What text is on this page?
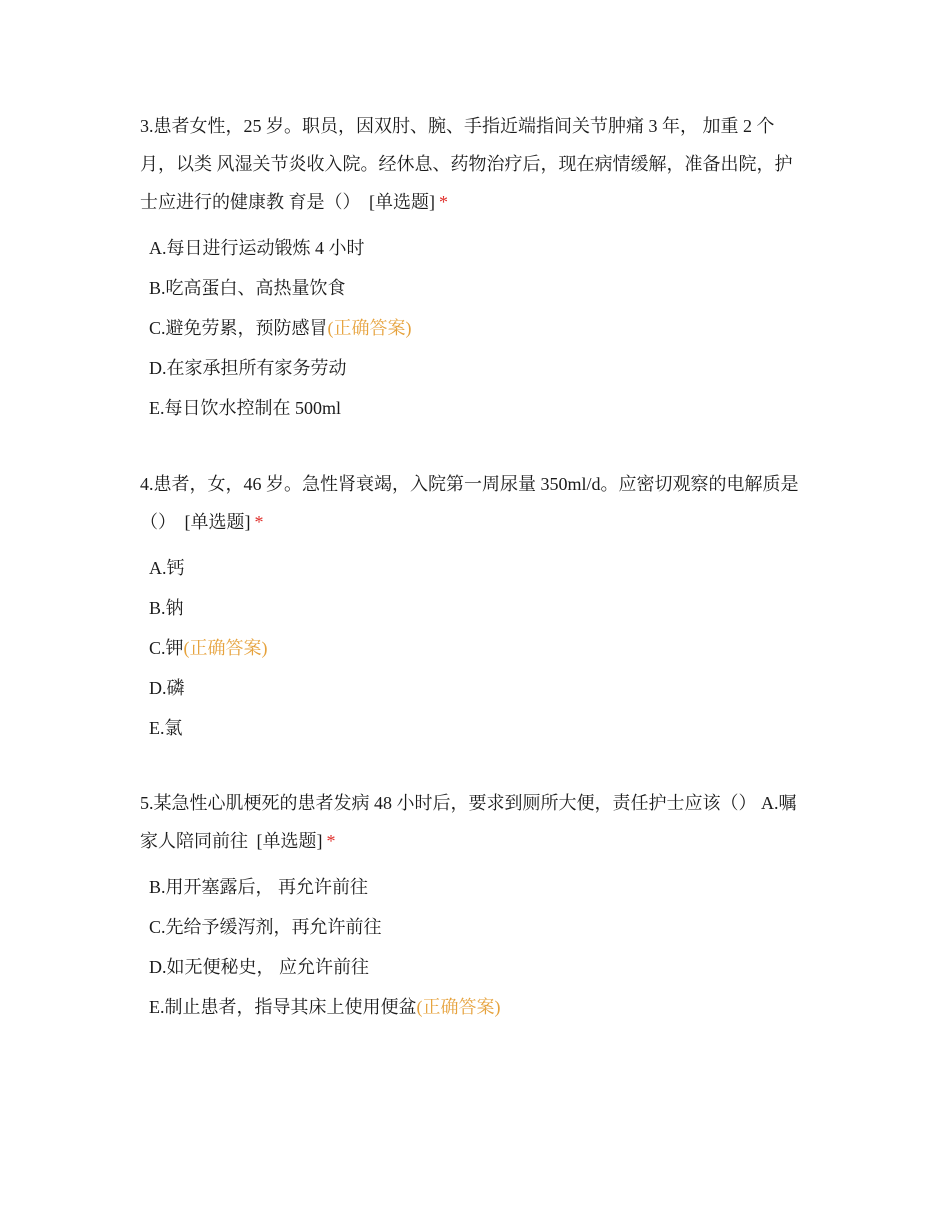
3.患者女性，25 岁。职员，因双肘、腕、手指近端指间关节肿痛 3 年， 加重 2 个月，以类 风湿关节炎收入院。经休息、药物治疗后，现在病情缓解，准备出院，护士应进行的健康教 育是（） [单选题] *

A.每日进行运动锻炼 4 小时
B.吃高蛋白、高热量饮食
C.避免劳累，预防感冒(正确答案)
D.在家承担所有家务劳动
E.每日饮水控制在 500ml

4.患者，女，46 岁。急性肾衰竭，入院第一周尿量 350ml/d。应密切观察的电解质是（） [单选题] *

A.钙
B.钠
C.钾(正确答案)
D.磷
E.氯

5.某急性心肌梗死的患者发病 48 小时后，要求到厕所大便，责任护士应该（） A.嘱家人陪同前往 [单选题] *

B.用开塞露后， 再允许前往
C.先给予缓泻剂，再允许前往
D.如无便秘史， 应允许前往
E.制止患者，指导其床上使用便盆(正确答案)
